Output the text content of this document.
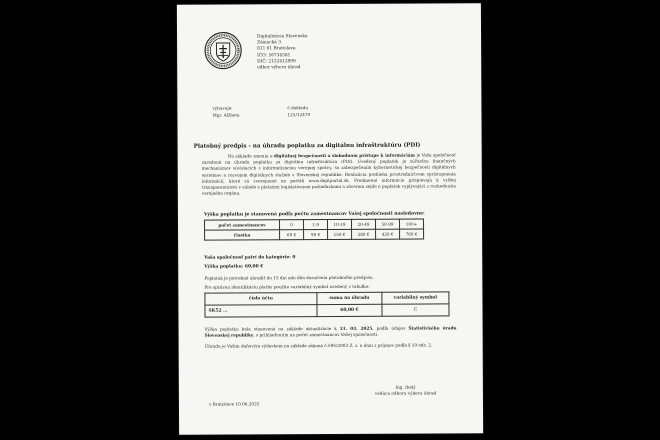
Digitalizácia Slovenska
Zámocká 3
811 01 Bratislava
IČO: 56734581
DIČ: 2122412899
odbor výberu úhrad
vybavuje:
Mgr. Alžbeta
č.dokladu
125/12470
Platobný predpis - na úhradu poplatku za digitálnu infraštruktúru (PDI)
Na základe zmeniu o digitálnej bezpečnosti a slobodnom prístupe k informáciám je Vaša spoločnosť zaradená na úhradu poplatku za digitálnu infraštruktúru (PDI). Uvedený poplatok je súčasťou finančných mechanizmov súvisiacich s informatizáciou verejnej správy, so zabezpečením kybernetickej bezpečnosti digitálnych systémov a rozvojom digitálnych služieb v Slovenskej republike. Realizácia prebieha prostredníctvom sprístupnenia informácií, ktoré sú zverejnené na portáli www.digitportal.sk. Predmetné informácie prispievajú k vyššej transparentnosti v súlade s platnými legislatívnymi požiadavkami a záverom sejde o poplatok vyplývajúci z rozhodnutia verejného orgánu.
Výška poplatku je stanovená podľa počtu zamestnancov Vašej spoločnosti nasledovne:
počet zamestnancov	0	1-9	10-19	20-49	50-99	100+
čiastka	60 €	90 €	150 €	280 €	420 €	760 €
Vaša spoločnosť patrí do kategórie: 0
Výška poplatku: 60,00 €
Poplatok je potrebné uhradiť do 15 dní odo dňa doručenia platobného predpisu.
Pre správnu identifikáciu platby použite variabilný symbol uvedený v tabuľke:
číslo účtu	suma na úhradu	variabilný symbol
SK52 ...	60,00 €	C
Výška poplatku bola stanovená na základe aktualizácie k 31. 03. 2025, podľa údajov Štatistického úradu Slovenskej republiky, s prihliadnutím na počet zamestnancov Vašej spoločnosti.
Úhrada je Vaším daňovým výdavkom na základe zákona č.595/2003 Z. z. o dani z príjmov podľa § 19 ods. 2.
Ing. Ibolý
vedúca odboru výberu úhrad
v Bratislave 10.06.2025
